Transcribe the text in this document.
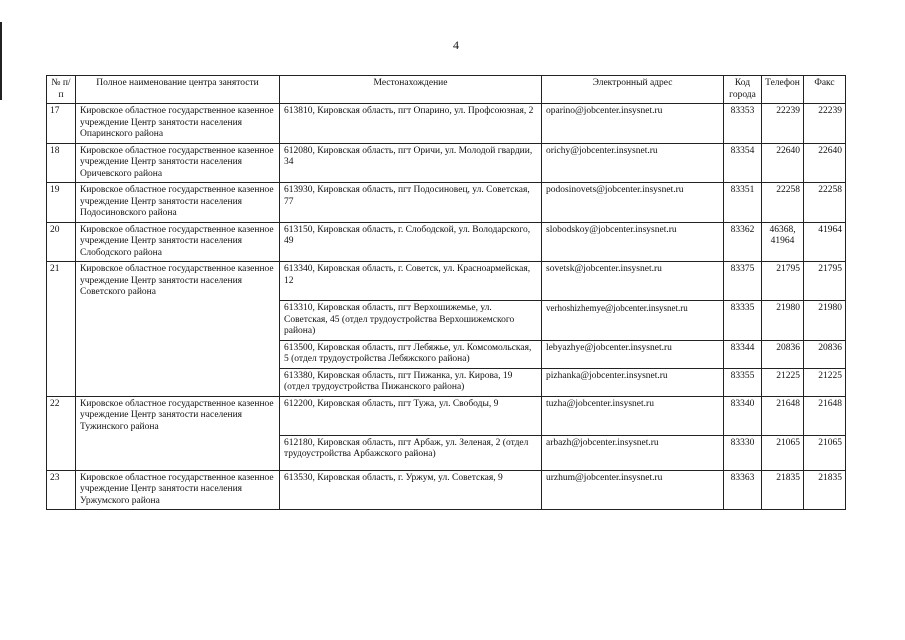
4
№ п/п	Полное наименование центра занятости	Местонахождение	Электронный адрес	Код города	Телефон	Факс
17	Кировское областное государственное казенное учреждение Центр занятости населения Опаринского района	613810, Кировская область, пгт Опарино, ул. Профсоюзная, 2	oparino@jobcenter.insysnet.ru	83353	22239	22239
18	Кировское областное государственное казенное учреждение Центр занятости населения Оричевского района	612080, Кировская область, пгт Оричи, ул. Молодой гвардии, 34	orichy@jobcenter.insysnet.ru	83354	22640	22640
19	Кировское областное государственное казенное учреждение Центр занятости населения Подосиновского района	613930, Кировская область, пгт Подосиновец, ул. Советская, 77	podosinovets@jobcenter.insysnet.ru	83351	22258	22258
20	Кировское областное государственное казенное учреждение Центр занятости населения Слободского района	613150, Кировская область, г. Слободской, ул. Володарского, 49	slobodskoy@jobcenter.insysnet.ru	83362	46368, 41964	41964
21	Кировское областное государственное казенное учреждение Центр занятости населения Советского района	613340, Кировская область, г. Советск, ул. Красноармейская, 12	sovetsk@jobcenter.insysnet.ru	83375	21795	21795
		613310, Кировская область, пгт Верхошижемье, ул. Советская, 45 (отдел трудоустройства Верхошижемского района)	verhoshizhemye@jobcenter.insysnet.ru	83335	21980	21980
		613500, Кировская область, пгт Лебяжье, ул. Комсомольская, 5 (отдел трудоустройства Лебяжского района)	lebyazhye@jobcenter.insysnet.ru	83344	20836	20836
		613380, Кировская область, пгт Пижанка, ул. Кирова, 19 (отдел трудоустройства Пижанского района)	pizhanka@jobcenter.insysnet.ru	83355	21225	21225
22	Кировское областное государственное казенное учреждение Центр занятости населения Тужинского района	612200, Кировская область, пгт Тужа, ул. Свободы, 9	tuzha@jobcenter.insysnet.ru	83340	21648	21648
		612180, Кировская область, пгт Арбаж, ул. Зеленая, 2 (отдел трудоустройства Арбажского района)	arbazh@jobcenter.insysnet.ru	83330	21065	21065
23	Кировское областное государственное казенное учреждение Центр занятости населения Уржумского района	613530, Кировская область, г. Уржум, ул. Советская, 9	urzhum@jobcenter.insysnet.ru	83363	21835	21835
